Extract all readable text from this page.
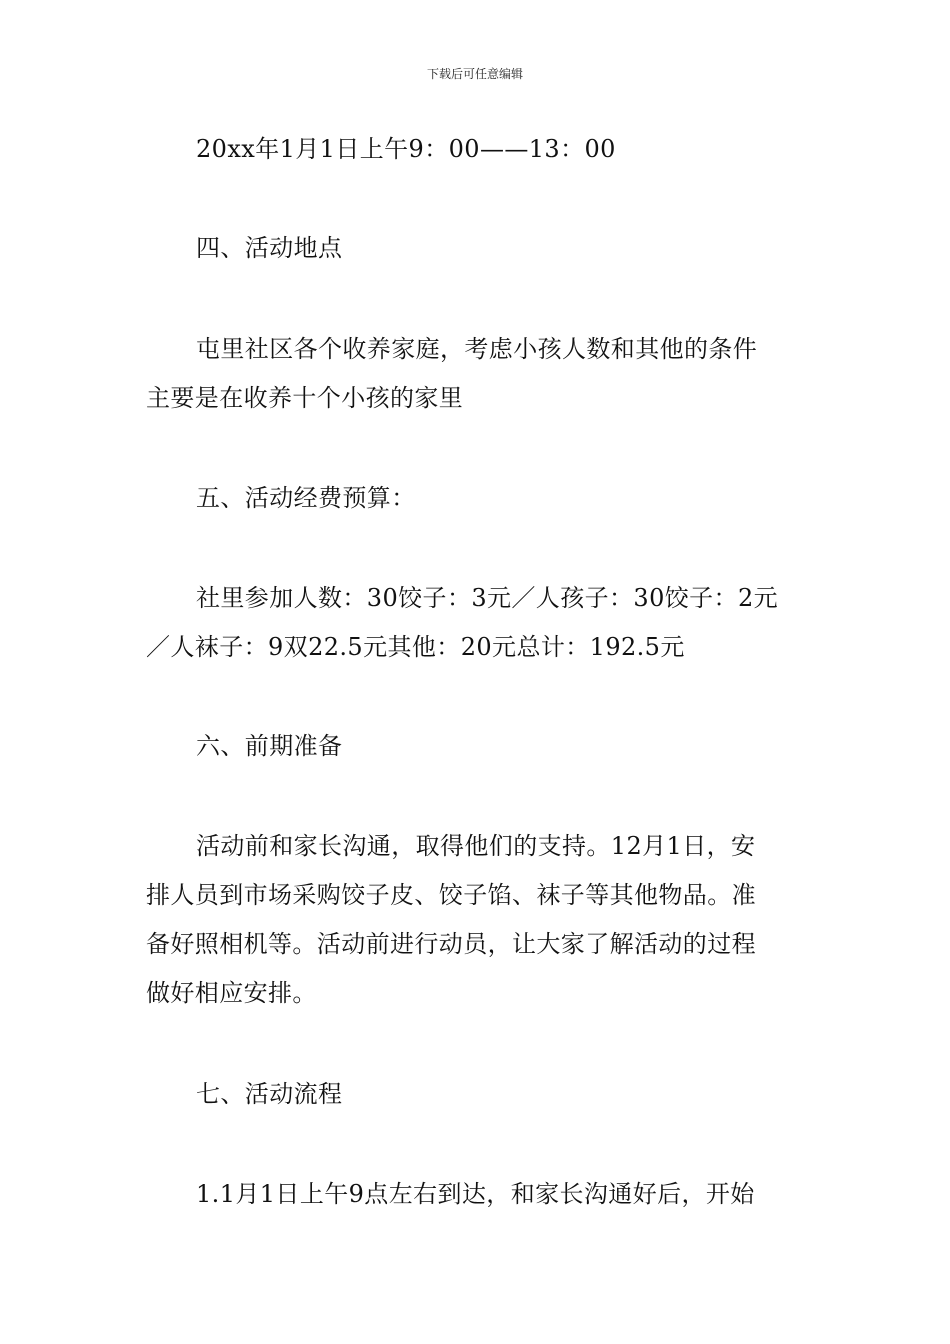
下载后可任意编辑
20xx年1月1日上午9：00——13：00
四、活动地点
屯里社区各个收养家庭，考虑小孩人数和其他的条件
主要是在收养十个小孩的家里
五、活动经费预算：
社里参加人数：30饺子：3元／人孩子：30饺子：2元
／人袜子：9双22.5元其他：20元总计：192.5元
六、前期准备
活动前和家长沟通，取得他们的支持。12月1日，安
排人员到市场采购饺子皮、饺子馅、袜子等其他物品。准
备好照相机等。活动前进行动员，让大家了解活动的过程
做好相应安排。
七、活动流程
1.1月1日上午9点左右到达，和家长沟通好后，开始
